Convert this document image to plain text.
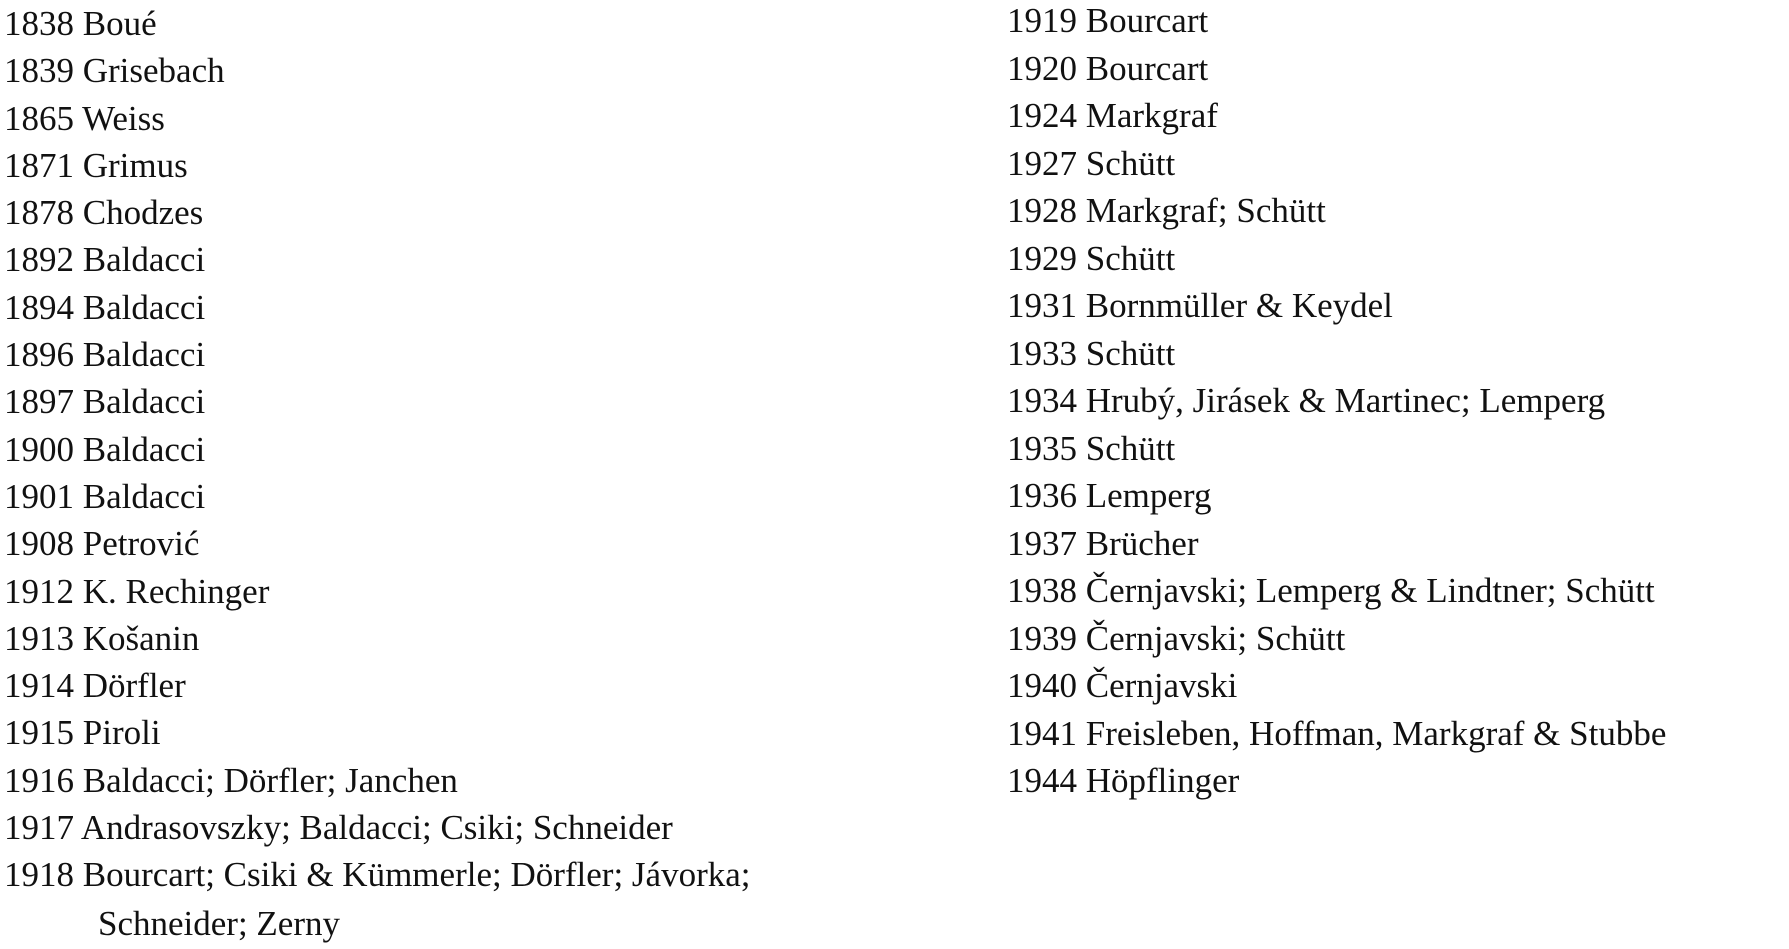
1838 Boué
1839 Grisebach
1865 Weiss
1871 Grimus
1878 Chodzes
1892 Baldacci
1894 Baldacci
1896 Baldacci
1897 Baldacci
1900 Baldacci
1901 Baldacci
1908 Petrović
1912 K. Rechinger
1913 Košanin
1914 Dörfler
1915 Piroli
1916 Baldacci; Dörfler; Janchen
1917 Andrasovszky; Baldacci; Csiki; Schneider
1918 Bourcart; Csiki & Kümmerle; Dörfler; Jávorka;
Schneider; Zerny
1919 Bourcart
1920 Bourcart
1924 Markgraf
1927 Schütt
1928 Markgraf; Schütt
1929 Schütt
1931 Bornmüller & Keydel
1933 Schütt
1934 Hrubý, Jirásek & Martinec; Lemperg
1935 Schütt
1936 Lemperg
1937 Brücher
1938 Černjavski; Lemperg & Lindtner; Schütt
1939 Černjavski; Schütt
1940 Černjavski
1941 Freisleben, Hoffman, Markgraf & Stubbe
1944 Höpflinger
